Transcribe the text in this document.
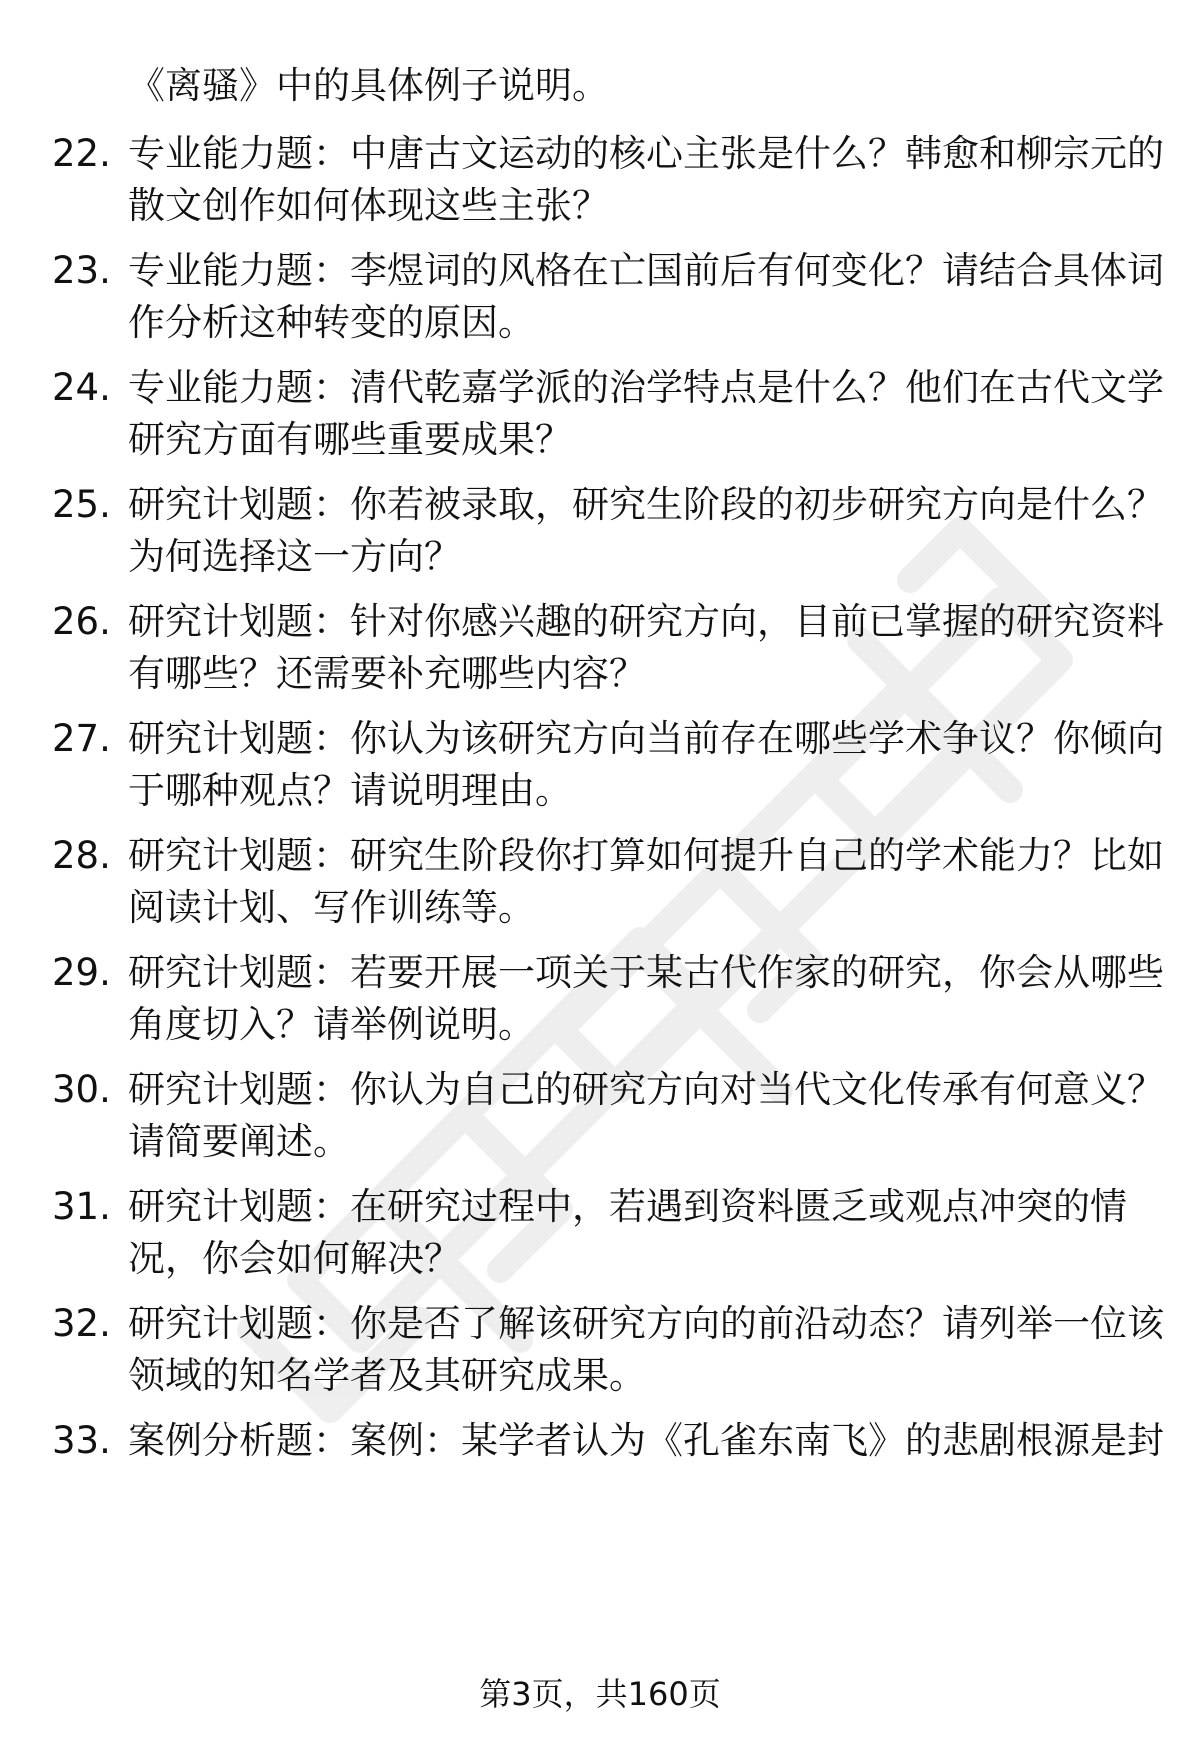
《离骚》中的具体例子说明。
22. 专业能力题：中唐古文运动的核心主张是什么？韩愈和柳宗元的
散文创作如何体现这些主张？
23. 专业能力题：李煜词的风格在亡国前后有何变化？请结合具体词
作分析这种转变的原因。
24. 专业能力题：清代乾嘉学派的治学特点是什么？他们在古代文学
研究方面有哪些重要成果？
25. 研究计划题：你若被录取，研究生阶段的初步研究方向是什么？
为何选择这一方向？
26. 研究计划题：针对你感兴趣的研究方向，目前已掌握的研究资料
有哪些？还需要补充哪些内容？
27. 研究计划题：你认为该研究方向当前存在哪些学术争议？你倾向
于哪种观点？请说明理由。
28. 研究计划题：研究生阶段你打算如何提升自己的学术能力？比如
阅读计划、写作训练等。
29. 研究计划题：若要开展一项关于某古代作家的研究，你会从哪些
角度切入？请举例说明。
30. 研究计划题：你认为自己的研究方向对当代文化传承有何意义？
请简要阐述。
31. 研究计划题：在研究过程中，若遇到资料匮乏或观点冲突的情
况，你会如何解决？
32. 研究计划题：你是否了解该研究方向的前沿动态？请列举一位该
领域的知名学者及其研究成果。
33. 案例分析题：案例：某学者认为《孔雀东南飞》的悲剧根源是封
第3页，共160页
